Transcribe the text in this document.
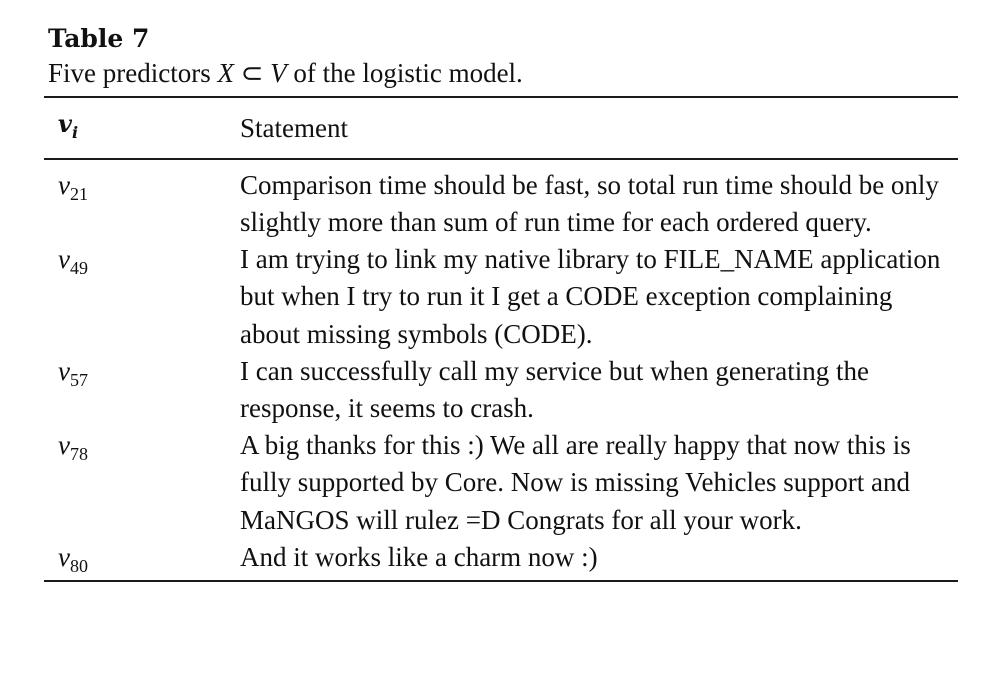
Table 7
Five predictors X ⊂ V of the logistic model.
$v_i$	Statement
$v_{21}$	Comparison time should be fast, so total run time should be only slightly more than sum of run time for each ordered query.
$v_{49}$	I am trying to link my native library to FILE_NAME application but when I try to run it I get a CODE exception complaining about missing symbols (CODE).
$v_{57}$	I can successfully call my service but when generating the response, it seems to crash.
$v_{78}$	A big thanks for this :) We all are really happy that now this is fully supported by Core. Now is missing Vehicles support and MaNGOS will rulez =D Congrats for all your work.
$v_{80}$	And it works like a charm now :)
